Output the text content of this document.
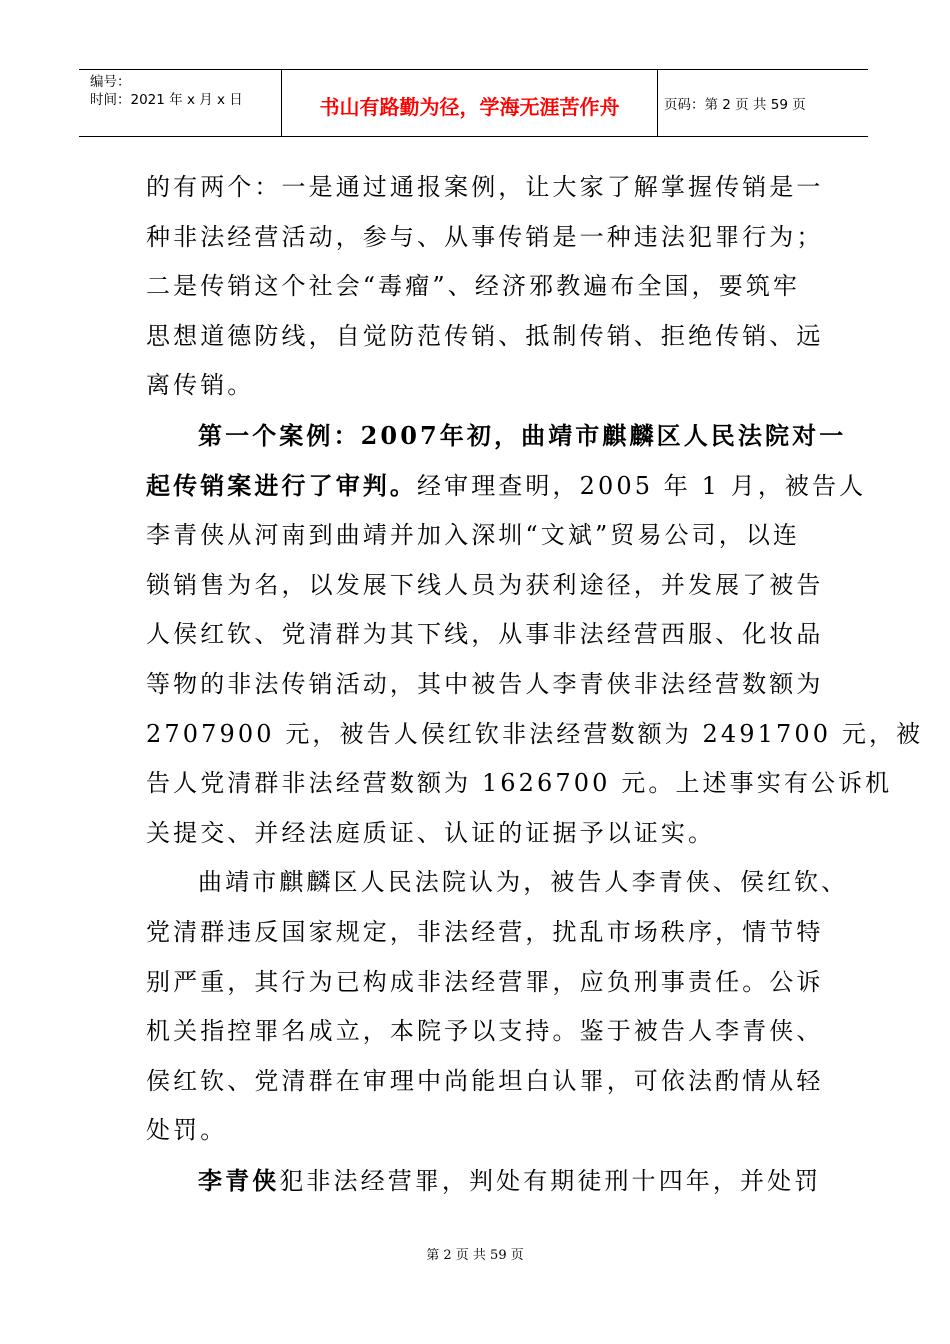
编号：
时间：2021 年 x 月 x 日	书山有路勤为径，学海无涯苦作舟	页码：第 2 页 共 59 页

的有两个：一是通过通报案例，让大家了解掌握传销是一

种非法经营活动，参与、从事传销是一种违法犯罪行为；

二是传销这个社会“毒瘤”、经济邪教遍布全国，要筑牢

思想道德防线，自觉防范传销、抵制传销、拒绝传销、远

离传销。

第一个案例：2007年初，曲靖市麒麟区人民法院对一

起传销案进行了审判。经审理查明，2005 年 1 月，被告人

李青侠从河南到曲靖并加入深圳“文斌”贸易公司，以连

锁销售为名，以发展下线人员为获利途径，并发展了被告

人侯红钦、党清群为其下线，从事非法经营西服、化妆品

等物的非法传销活动，其中被告人李青侠非法经营数额为

2707900 元，被告人侯红钦非法经营数额为 2491700 元，被

告人党清群非法经营数额为 1626700 元。上述事实有公诉机

关提交、并经法庭质证、认证的证据予以证实。

曲靖市麒麟区人民法院认为，被告人李青侠、侯红钦、

党清群违反国家规定，非法经营，扰乱市场秩序，情节特

别严重，其行为已构成非法经营罪，应负刑事责任。公诉

机关指控罪名成立，本院予以支持。鉴于被告人李青侠、

侯红钦、党清群在审理中尚能坦白认罪，可依法酌情从轻

处罚。

李青侠犯非法经营罪，判处有期徒刑十四年，并处罚

第 2 页 共 59 页
